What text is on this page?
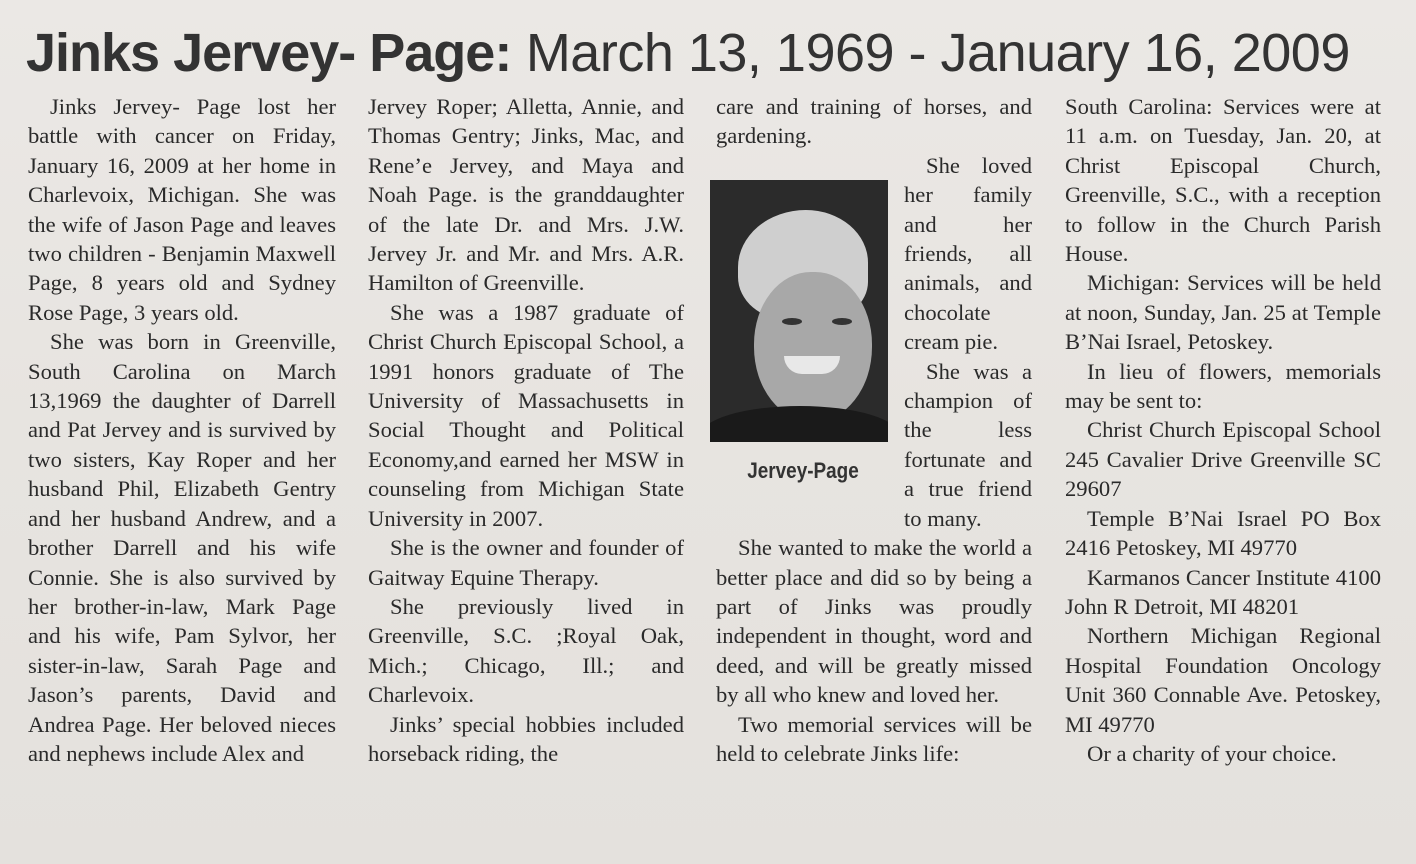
Jinks Jervey- Page: March 13, 1969 - January 16, 2009

Jinks Jervey- Page lost her battle with cancer on Friday, January 16, 2009 at her home in Charlevoix, Michigan. She was the wife of Jason Page and leaves two children - Benjamin Maxwell Page, 8 years old and Sydney Rose Page, 3 years old.

She was born in Greenville, South Carolina on March 13,1969 the daughter of Darrell and Pat Jervey and is survived by two sisters, Kay Roper and her husband Phil, Elizabeth Gentry and her husband Andrew, and a brother Darrell and his wife Connie. She is also survived by her brother-in-law, Mark Page and his wife, Pam Sylvor, her sister-in-law, Sarah Page and Jason’s parents, David and Andrea Page. Her beloved nieces and nephews include Alex and

Jervey Roper; Alletta, Annie, and Thomas Gentry; Jinks, Mac, and Rene’e Jervey, and Maya and Noah Page. is the granddaughter of the late Dr. and Mrs. J.W. Jervey Jr. and Mr. and Mrs. A.R. Hamilton of Greenville.

She was a 1987 graduate of Christ Church Episcopal School, a 1991 honors graduate of The University of Massachusetts in Social Thought and Political Economy,and earned her MSW in counseling from Michigan State University in 2007.

She is the owner and founder of Gaitway Equine Therapy.

She previously lived in Greenville, S.C. ;Royal Oak, Mich.; Chicago, Ill.; and Charlevoix.

Jinks’ special hobbies included horseback riding, the

care and training of horses, and gardening.

Jervey-Page

She loved her family and her friends, all animals, and chocolate cream pie.

She was a champion of the less fortunate and a true friend to many.

She wanted to make the world a better place and did so by being a part of Jinks was proudly independent in thought, word and deed, and will be greatly missed by all who knew and loved her.

Two memorial services will be held to celebrate Jinks life:

South Carolina: Services were at 11 a.m. on Tuesday, Jan. 20, at Christ Episcopal Church, Greenville, S.C., with a reception to follow in the Church Parish House.

Michigan: Services will be held at noon, Sunday, Jan. 25 at Temple B’Nai Israel, Petoskey.

In lieu of flowers, memorials may be sent to:

Christ Church Episcopal School 245 Cavalier Drive Greenville SC 29607

Temple B’Nai Israel PO Box 2416 Petoskey, MI 49770

Karmanos Cancer Institute 4100 John R Detroit, MI 48201

Northern Michigan Regional Hospital Foundation Oncology Unit 360 Connable Ave. Petoskey, MI 49770

Or a charity of your choice.
